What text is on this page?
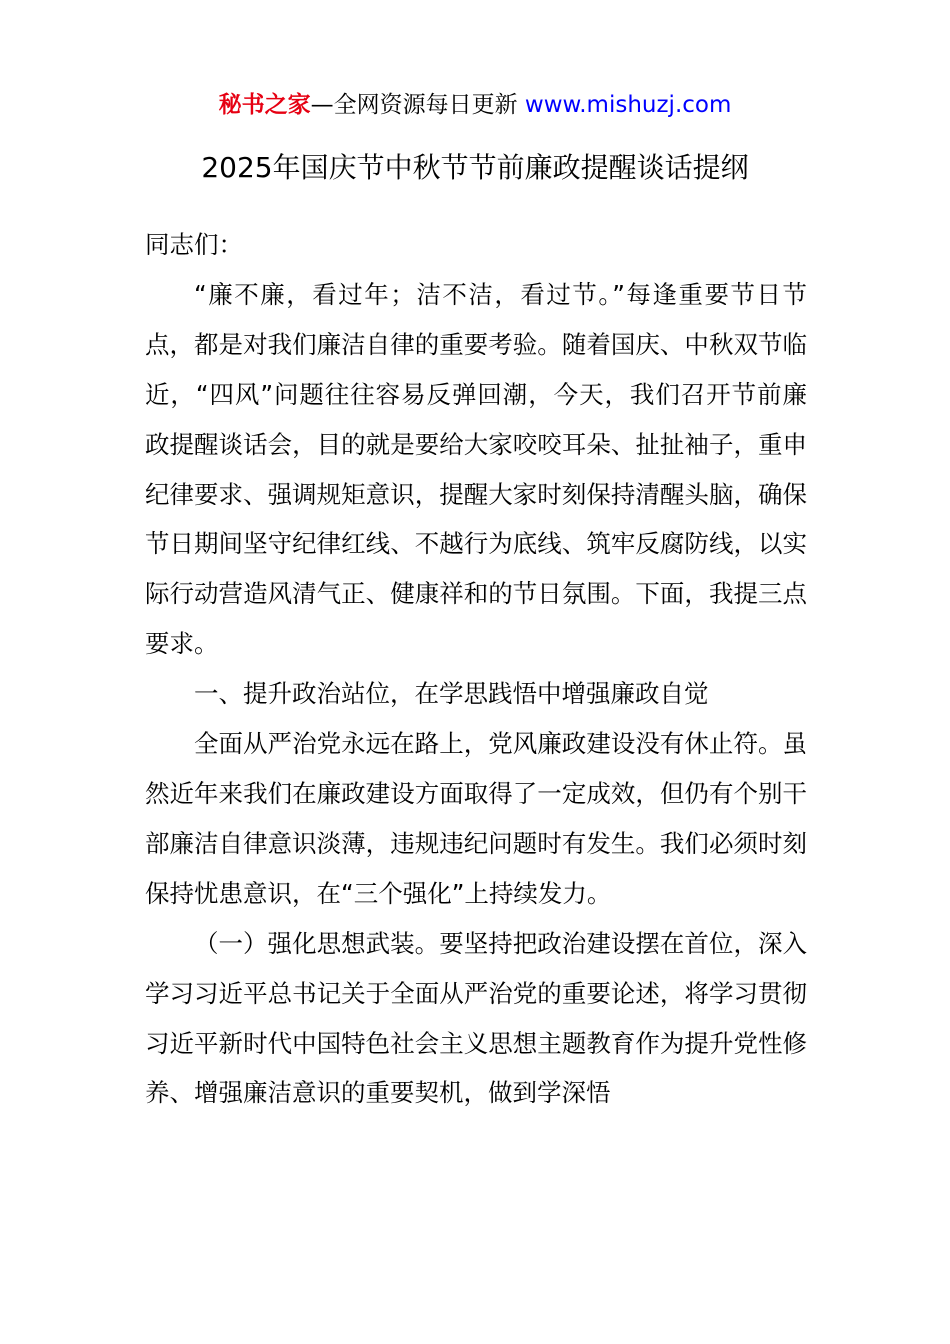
秘书之家—全网资源每日更新 www.mishuzj.com
2025年国庆节中秋节节前廉政提醒谈话提纲

同志们：

“廉不廉，看过年；洁不洁，看过节。”每逢重要节日节点，都是对我们廉洁自律的重要考验。随着国庆、中秋双节临近，“四风”问题往往容易反弹回潮，今天，我们召开节前廉政提醒谈话会，目的就是要给大家咬咬耳朵、扯扯袖子，重申纪律要求、强调规矩意识，提醒大家时刻保持清醒头脑，确保节日期间坚守纪律红线、不越行为底线、筑牢反腐防线，以实际行动营造风清气正、健康祥和的节日氛围。下面，我提三点要求。

一、提升政治站位，在学思践悟中增强廉政自觉

全面从严治党永远在路上，党风廉政建设没有休止符。虽然近年来我们在廉政建设方面取得了一定成效，但仍有个别干部廉洁自律意识淡薄，违规违纪问题时有发生。我们必须时刻保持忧患意识，在“三个强化”上持续发力。

（一）强化思想武装。要坚持把政治建设摆在首位，深入学习习近平总书记关于全面从严治党的重要论述，将学习贯彻习近平新时代中国特色社会主义思想主题教育作为提升党性修养、增强廉洁意识的重要契机，做到学深悟
